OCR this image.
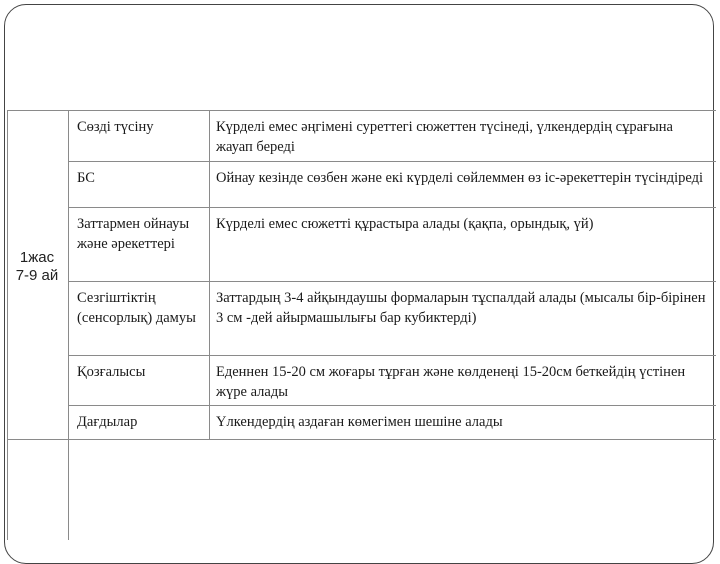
	Сөзді түсіну	Күрделі емес әңгімені суреттегі сюжеттен түсінеді, үлкендердің сұрағына жауап береді
	БС	Ойнау кезінде сөзбен және екі күрделі сөйлеммен өз іс-әрекеттерін түсіндіреді
	Заттармен ойнауы және әрекеттері	Күрделі емес сюжетті құрастыра алады (қақпа, орындық, үй)
	Сезгіштіктің (сенсорлық) дамуы	Заттардың 3-4 айқындаушы формаларын тұспалдай алады (мысалы бір-бірінен 3 см -дей айырмашылығы бар кубиктерді)
	Қозғалысы	Еденнен 15-20 см жоғары тұрған және көлденеңі 15-20см беткейдің үстінен жүре алады
	Дағдылар	Үлкендердің аздаған көмегімен шешіне алады
1жас
7-9 ай
